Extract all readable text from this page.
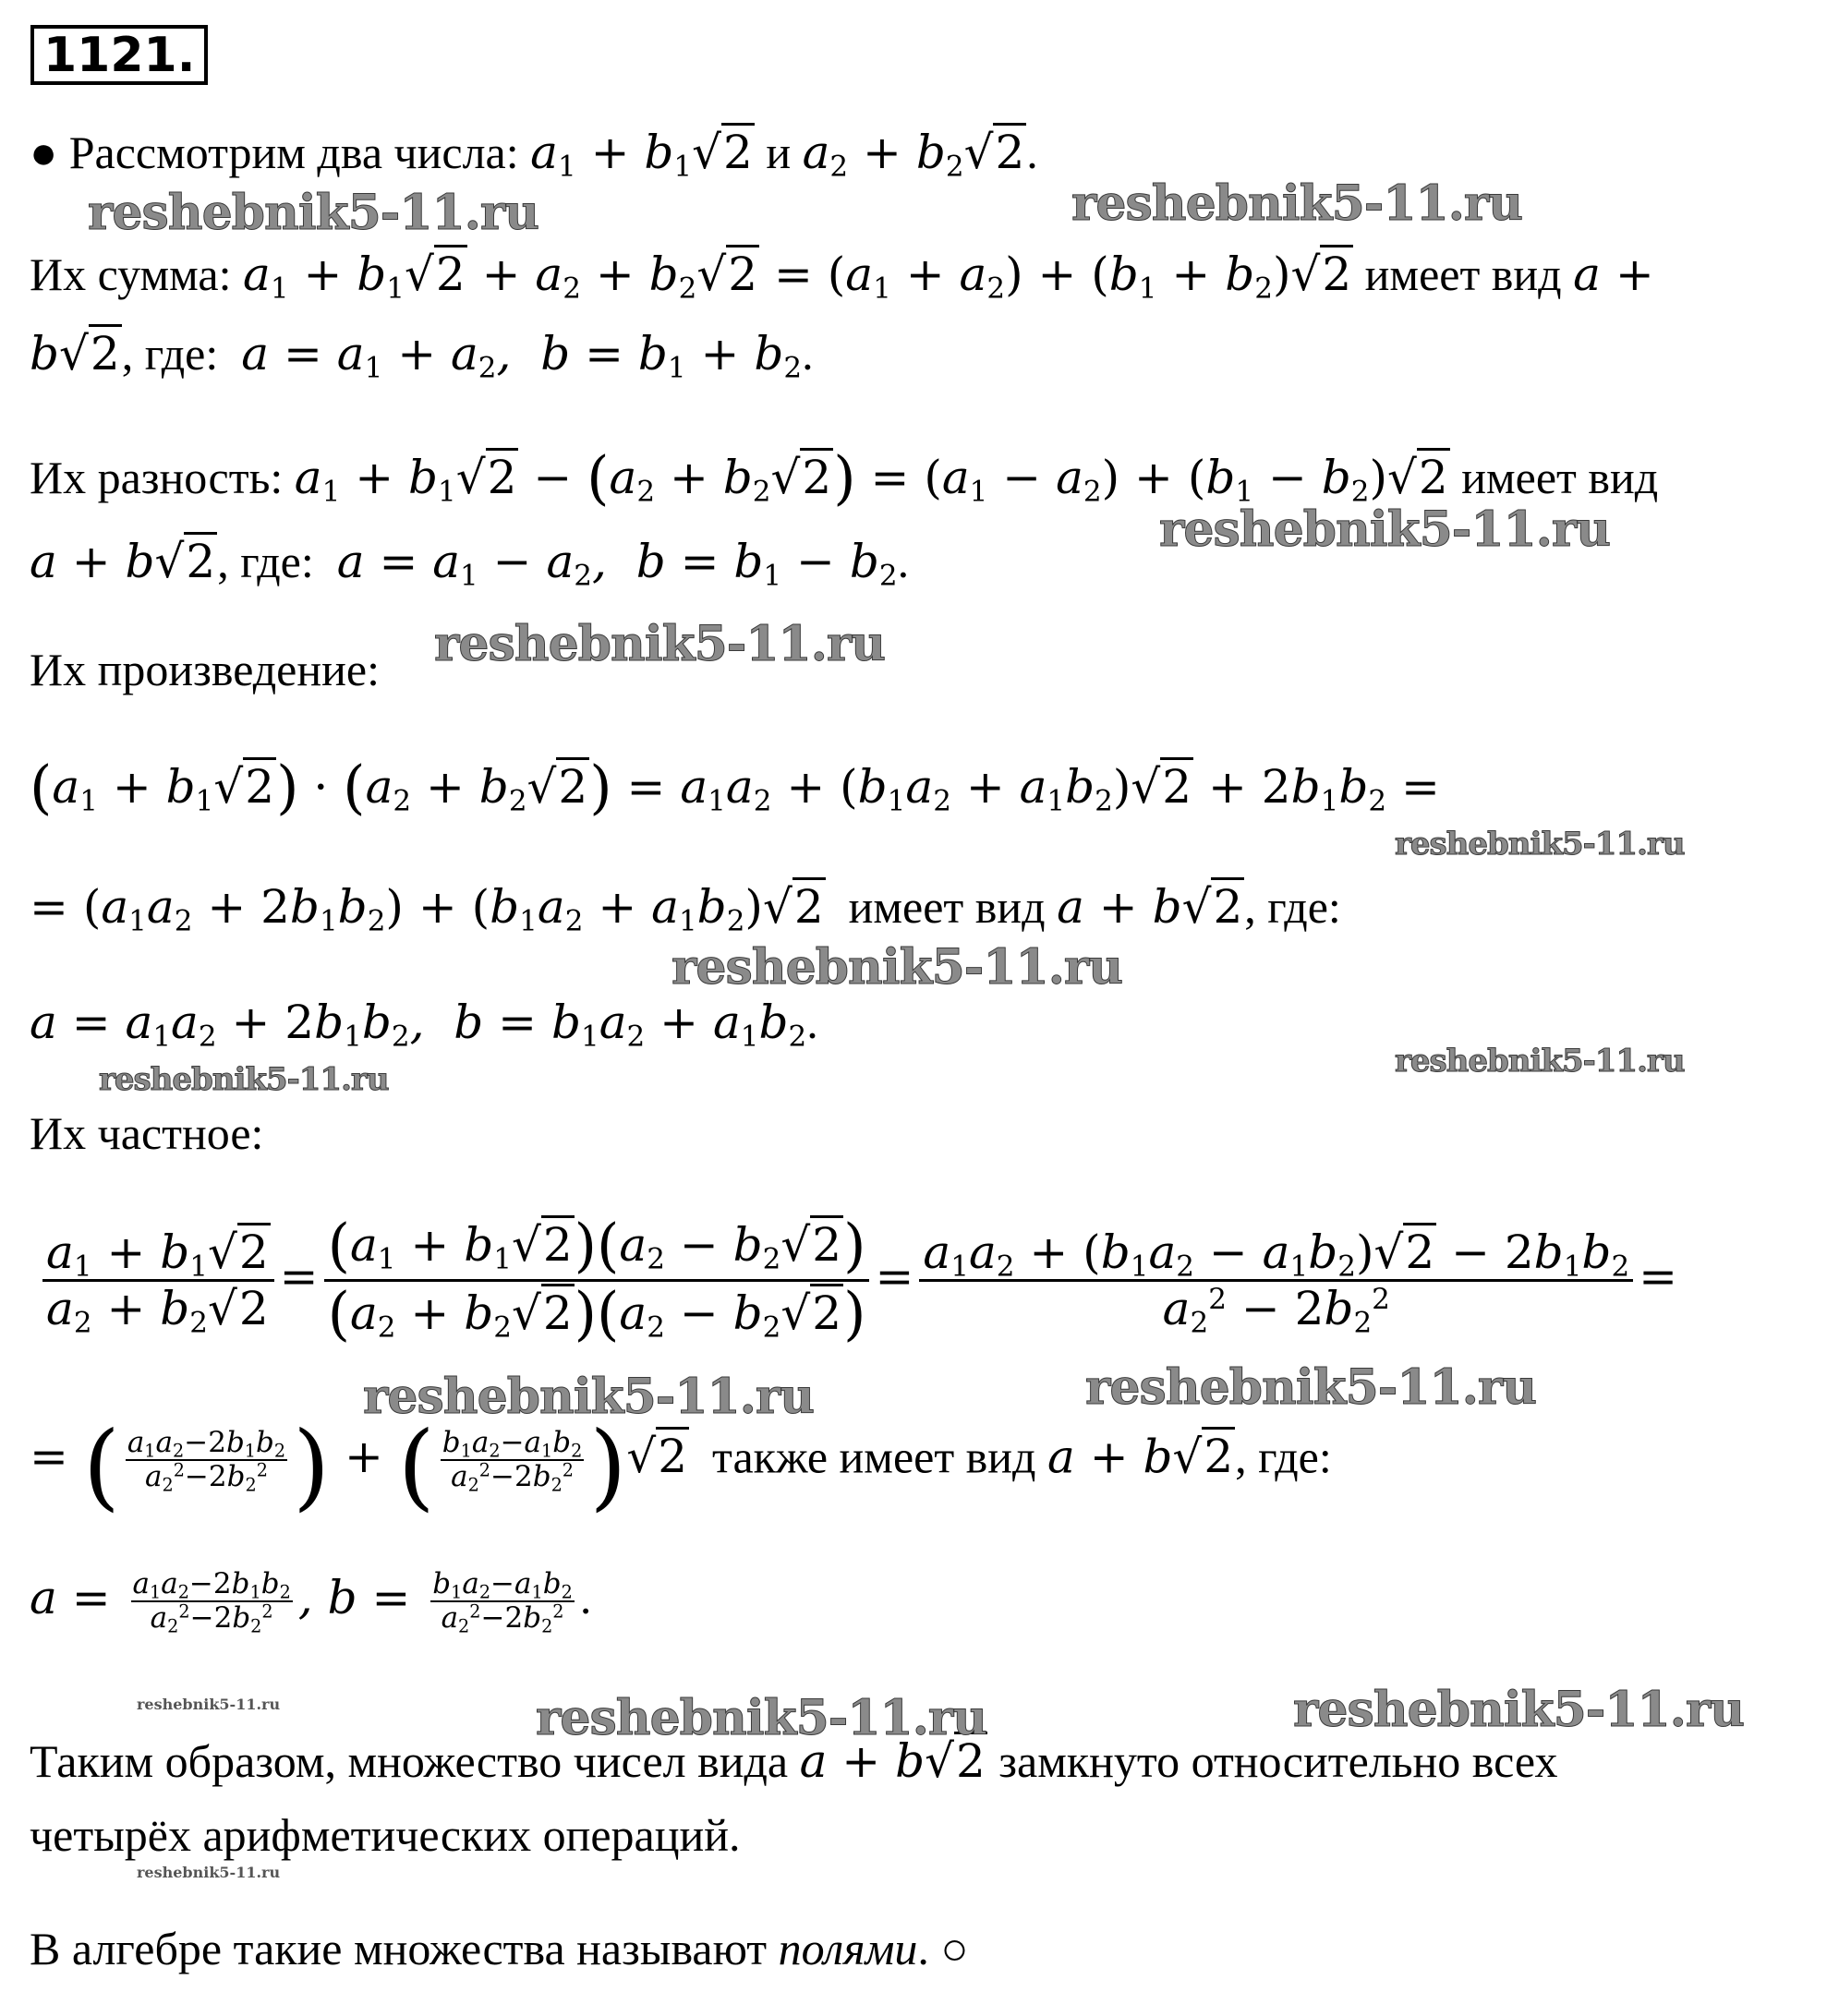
1121.
● Рассмотрим два числа: $a_1 + b_1√2$ и $a_2 + b_2√2$.
Их сумма: $a_1 + b_1√2 + a_2 + b_2√2 = (a_1 + a_2) + (b_1 + b_2)√2$ имеет вид a +
b√2, где: $a = a_1 + a_2$,  $b = b_1 + b_2$.
Их разность: $a_1 + b_1√2 - (a_2 + b_2√2) = (a_1 - a_2) + (b_1 - b_2)√2$ имеет вид
a + b√2, где: $a = a_1 - a_2$,  $b = b_1 - b_2$.
Их произведение:
$(a_1 + b_1√2) \cdot (a_2 + b_2√2) = a_1a_2 + (b_1a_2 + a_1b_2)√2 + 2b_1b_2$ =
= $(a_1a_2 + 2b_1b_2) + (b_1a_2 + a_1b_2)√2$ имеет вид a + b√2, где:
$a = a_1a_2 + 2b_1b_2$,  $b = b_1a_2 + a_1b_2$.
Их частное:
$\frac{a_1 + b_1√2}{a_2 + b_2√2} = \frac{(a_1 + b_1√2)(a_2 - b_2√2)}{(a_2 + b_2√2)(a_2 - b_2√2)} = \frac{a_1a_2 + (b_1a_2 - a_1b_2)√2 - 2b_1b_2}{a_2^2 - 2b_2^2}$ =
= ( $\frac{a_1a_2-2b_1b_2}{a_2^2-2b_2^2}$ ) + ( $\frac{b_1a_2-a_1b_2}{a_2^2-2b_2^2} )√2$ также имеет вид a + b√2, где:
$a = \frac{a_1a_2-2b_1b_2}{a_2^2-2b_2^2}$ , $b = \frac{b_1a_2-a_1b_2}{a_2^2-2b_2^2}$ .
Таким образом, множество чисел вида a + b√2 замкнуто относительно всех
четырёх арифметических операций.
В алгебре такие множества называют полями. ○
reshebnik5-11.ru	reshebnik5-11.ru
reshebnik5-11.ru
reshebnik5-11.ru
reshebnik5-11.ru
reshebnik5-11.ru
reshebnik5-11.ru
reshebnik5-11.ru
reshebnik5-11.ru	reshebnik5-11.ru
reshebnik5-11.ru	reshebnik5-11.ru
reshebnik5-11.ru
reshebnik5-11.ru
